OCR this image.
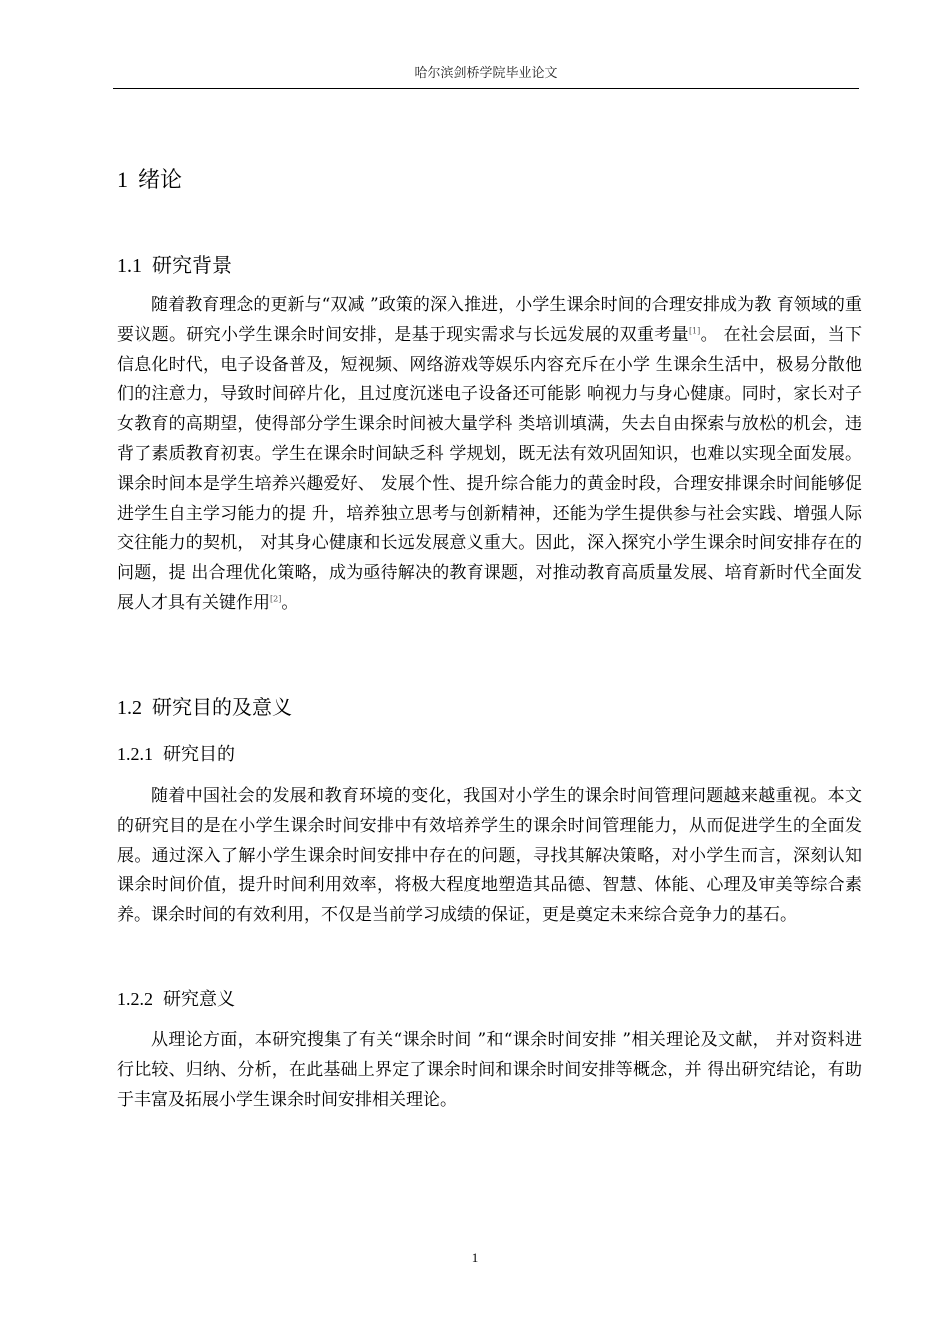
哈尔滨剑桥学院毕业论文
1 绪论
1.1 研究背景

随着教育理念的更新与“双减 ”政策的深入推进，小学生课余时间的合理安排成为教 育领域的重要议题。研究小学生课余时间安排，是基于现实需求与长远发展的双重考量[1]。 在社会层面，当下信息化时代，电子设备普及，短视频、网络游戏等娱乐内容充斥在小学 生课余生活中，极易分散他们的注意力，导致时间碎片化，且过度沉迷电子设备还可能影 响视力与身心健康。同时，家长对子女教育的高期望，使得部分学生课余时间被大量学科 类培训填满，失去自由探索与放松的机会，违背了素质教育初衷。学生在课余时间缺乏科 学规划，既无法有效巩固知识，也难以实现全面发展。课余时间本是学生培养兴趣爱好、 发展个性、提升综合能力的黄金时段，合理安排课余时间能够促进学生自主学习能力的提 升，培养独立思考与创新精神，还能为学生提供参与社会实践、增强人际交往能力的契机， 对其身心健康和长远发展意义重大。因此，深入探究小学生课余时间安排存在的问题，提 出合理优化策略，成为亟待解决的教育课题，对推动教育高质量发展、培育新时代全面发 展人才具有关键作用[2]。

1.2 研究目的及意义
1.2.1 研究目的

随着中国社会的发展和教育环境的变化，我国对小学生的课余时间管理问题越来越重视。本文的研究目的是在小学生课余时间安排中有效培养学生的课余时间管理能力，从而促进学生的全面发展。通过深入了解小学生课余时间安排中存在的问题，寻找其解决策略，对小学生而言，深刻认知课余时间价值，提升时间利用效率，将极大程度地塑造其品德、智慧、体能、心理及审美等综合素养。课余时间的有效利用，不仅是当前学习成绩的保证，更是奠定未来综合竞争力的基石。

1.2.2 研究意义

从理论方面，本研究搜集了有关“课余时间 ”和“课余时间安排 ”相关理论及文献， 并对资料进行比较、归纳、分析，在此基础上界定了课余时间和课余时间安排等概念，并 得出研究结论，有助于丰富及拓展小学生课余时间安排相关理论。

1
